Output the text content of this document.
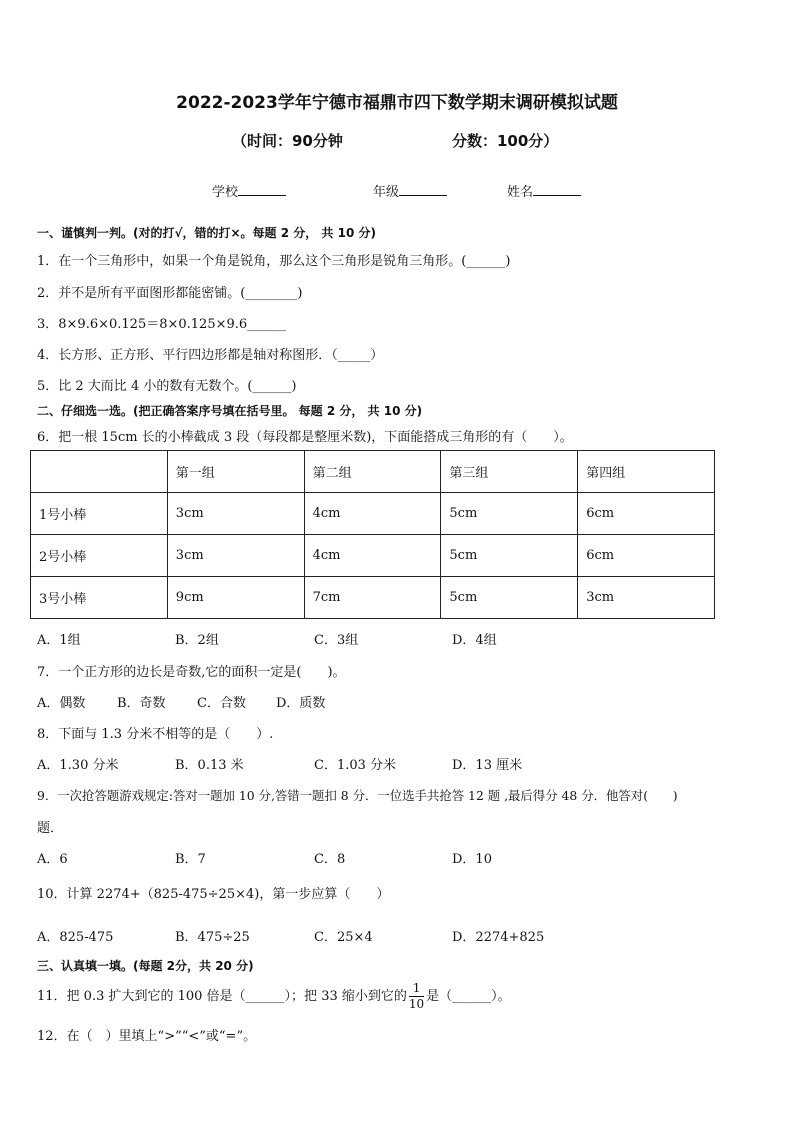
2022-2023学年宁德市福鼎市四下数学期末调研模拟试题
（时间：90分钟	分数：100分）
学校	年级	姓名
一、谨慎判一判。(对的打√，错的打×。每题 2 分， 共 10 分)
1．在一个三角形中，如果一个角是锐角，那么这个三角形是锐角三角形。(______)
2．并不是所有平面图形都能密铺。(________)
3．8×9.6×0.125＝8×0.125×9.6______
4．长方形、正方形、平行四边形都是轴对称图形．（_____）
5．比 2 大而比 4 小的数有无数个。(______)
二、仔细选一选。(把正确答案序号填在括号里。 每题 2 分， 共 10 分)
6．把一根 15cm 长的小棒截成 3 段（每段都是整厘米数)，下面能搭成三角形的有（　　）。
	第一组	第二组	第三组	第四组
1号小棒	3cm	4cm	5cm	6cm
2号小棒	3cm	4cm	5cm	6cm
3号小棒	9cm	7cm	5cm	3cm
A．1组	B．2组	C．3组	D．4组
7．一个正方形的边长是奇数,它的面积一定是(　　)。
A．偶数 B．奇数 C．合数 D．质数
8．下面与 1.3 分米不相等的是（　　）.
A．1.30 分米	B．0.13 米	C．1.03 分米	D．13 厘米
9．一次抢答题游戏规定:答对一题加 10 分,答错一题扣 8 分．一位选手共抢答 12 题 ,最后得分 48 分．他答对(　　)
题．
A．6	B．7	C．8	D．10
10．计算 2274+（825-475÷25×4)，第一步应算（　　）
A．825-475	B．475÷25	C．25×4	D．2274+825
三、认真填一填。(每题 2分，共 20 分)
11．把 0.3 扩大到它的 100 倍是（______）；把 33 缩小到它的 $\frac{1}{10}$ 是（______）。
12．在（　）里填上“>”“<”或“=”。
